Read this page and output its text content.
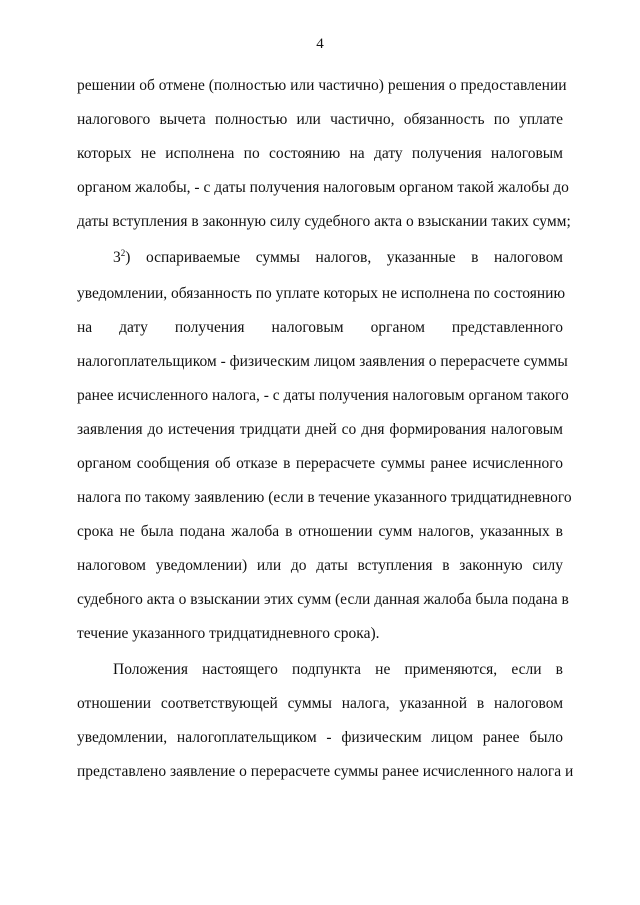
4
решении об отмене (полностью или частично) решения о предоставлении
налогового вычета полностью или частично, обязанность по уплате
которых не исполнена по состоянию на дату получения налоговым
органом жалобы, - с даты получения налоговым органом такой жалобы до
даты вступления в законную силу судебного акта о взыскании таких сумм;
$3^2$) оспариваемые суммы налогов, указанные в налоговом
уведомлении, обязанность по уплате которых не исполнена по состоянию
на дату получения налоговым органом представленного
налогоплательщиком - физическим лицом заявления о перерасчете суммы
ранее исчисленного налога, - с даты получения налоговым органом такого
заявления до истечения тридцати дней со дня формирования налоговым
органом сообщения об отказе в перерасчете суммы ранее исчисленного
налога по такому заявлению (если в течение указанного тридцатидневного
срока не была подана жалоба в отношении сумм налогов, указанных в
налоговом уведомлении) или до даты вступления в законную силу
судебного акта о взыскании этих сумм (если данная жалоба была подана в
течение указанного тридцатидневного срока).
Положения настоящего подпункта не применяются, если в
отношении соответствующей суммы налога, указанной в налоговом
уведомлении, налогоплательщиком - физическим лицом ранее было
представлено заявление о перерасчете суммы ранее исчисленного налога и
